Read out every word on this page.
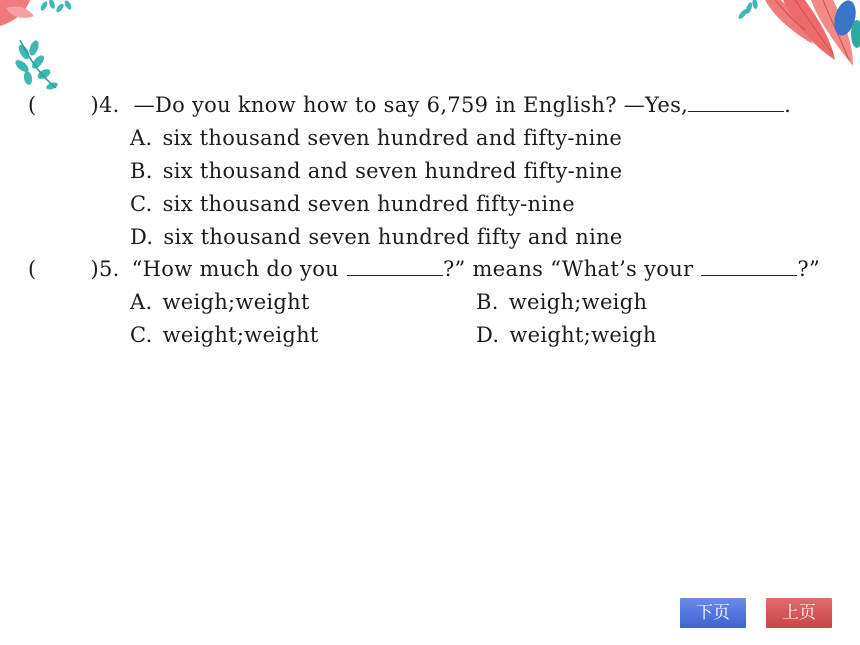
(	)4. —Do you know how to say 6,759 in English? —Yes,	.
A. six thousand seven hundred and fifty-nine
B. six thousand and seven hundred fifty-nine
C. six thousand seven hundred fifty-nine
D. six thousand seven hundred fifty and nine
(	)5. “How much do you	?” means “What’s your	?”
A. weigh;weight	B. weigh;weigh
C. weight;weight	D. weight;weigh
下页	上页
